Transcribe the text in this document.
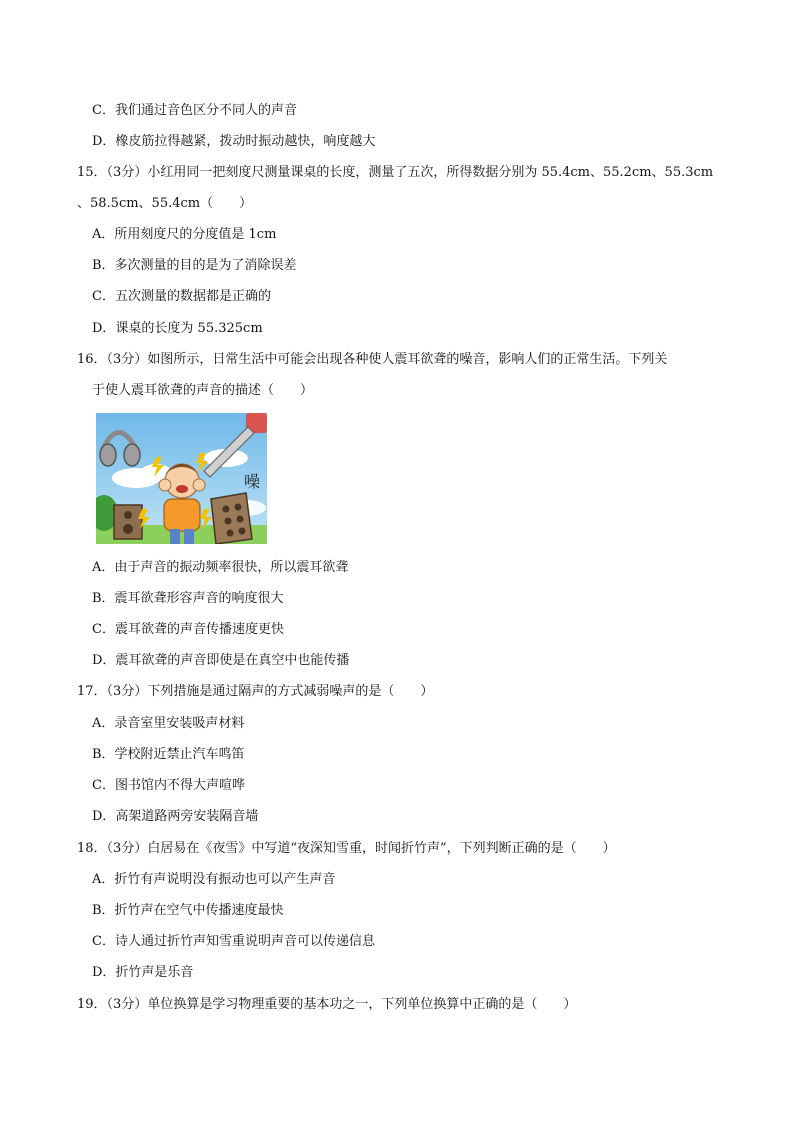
C．我们通过音色区分不同人的声音
D．橡皮筋拉得越紧，拨动时振动越快，响度越大
15．（3分）小红用同一把刻度尺测量课桌的长度，测量了五次，所得数据分别为 55.4cm、55.2cm、55.3cm
、58.5cm、55.4cm（　　）
A．所用刻度尺的分度值是 1cm
B．多次测量的目的是为了消除误差
C．五次测量的数据都是正确的
D．课桌的长度为 55.325cm
16．（3分）如图所示，日常生活中可能会出现各种使人震耳欲聋的噪音，影响人们的正常生活。下列关
于使人震耳欲聋的声音的描述（　　）
噪
A．由于声音的振动频率很快，所以震耳欲聋
B．震耳欲聋形容声音的响度很大
C．震耳欲聋的声音传播速度更快
D．震耳欲聋的声音即使是在真空中也能传播
17．（3分）下列措施是通过隔声的方式减弱噪声的是（　　）
A．录音室里安装吸声材料
B．学校附近禁止汽车鸣笛
C．图书馆内不得大声喧哗
D．高架道路两旁安装隔音墙
18．（3分）白居易在《夜雪》中写道“夜深知雪重，时闻折竹声”，下列判断正确的是（　　）
A．折竹有声说明没有振动也可以产生声音
B．折竹声在空气中传播速度最快
C．诗人通过折竹声知雪重说明声音可以传递信息
D．折竹声是乐音
19．（3分）单位换算是学习物理重要的基本功之一，下列单位换算中正确的是（　　）
